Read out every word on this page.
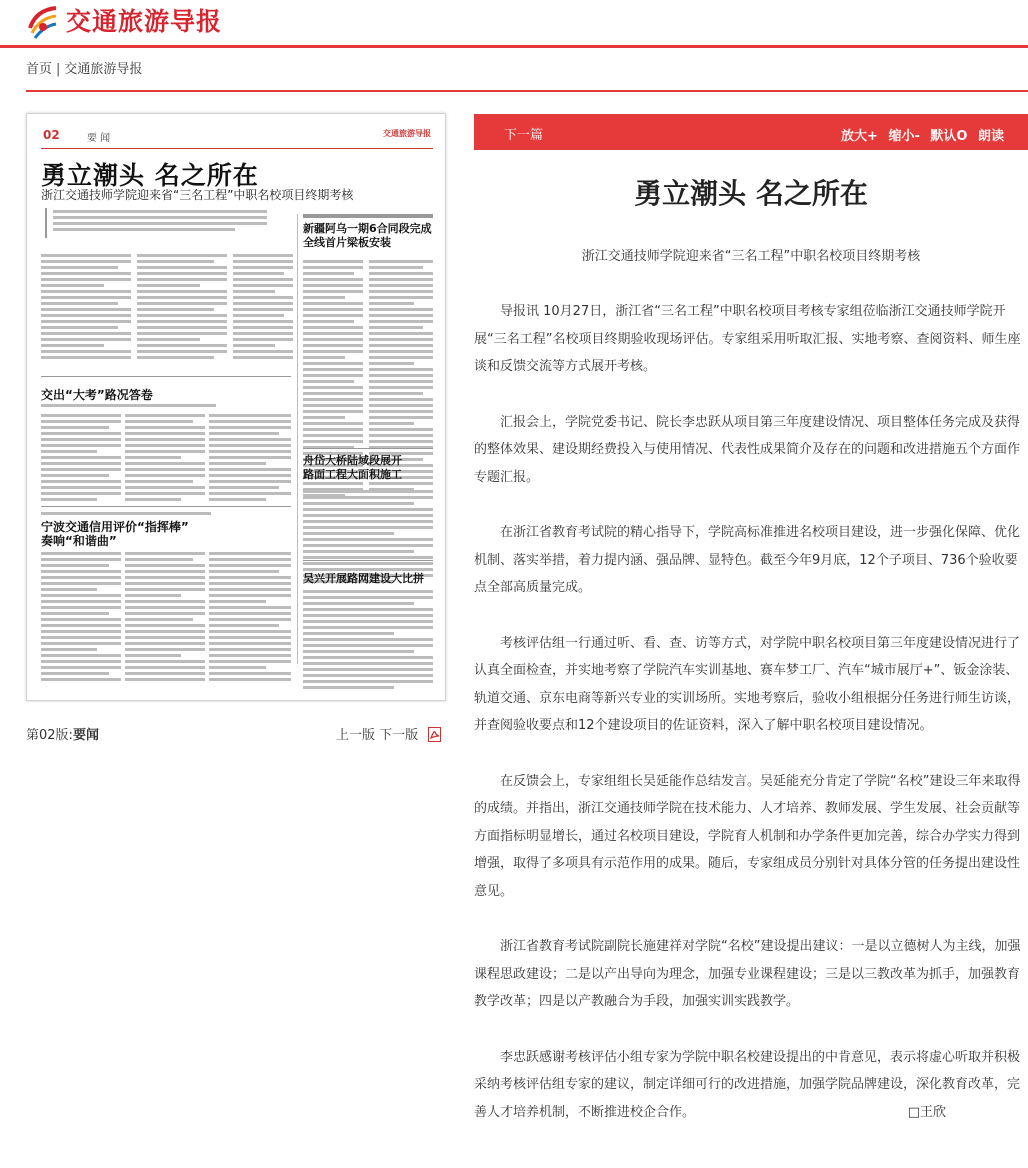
交通旅游导报
首页 | 交通旅游导报
02	要 闻	交通旅游导报
勇立潮头 名之所在
浙江交通技师学院迎来省“三名工程”中职名校项目终期考核
新疆阿乌一期6合同段完成全线首片梁板安装
舟岱大桥陆域段展开
路面工程大面积施工
吴兴开展路网建设大比拼
交出“大考”路况答卷
宁波交通信用评价“指挥棒”
奏响“和谐曲”
第02版:要闻	上一版 下一版
下一篇	放大+ 缩小- 默认O 朗读
勇立潮头 名之所在
浙江交通技师学院迎来省“三名工程”中职名校项目终期考核

导报讯 10月27日，浙江省“三名工程”中职名校项目考核专家组莅临浙江交通技师学院开展“三名工程”名校项目终期验收现场评估。专家组采用听取汇报、实地考察、查阅资料、师生座谈和反馈交流等方式展开考核。

汇报会上，学院党委书记、院长李忠跃从项目第三年度建设情况、项目整体任务完成及获得的整体效果、建设期经费投入与使用情况、代表性成果简介及存在的问题和改进措施五个方面作专题汇报。

在浙江省教育考试院的精心指导下，学院高标准推进名校项目建设，进一步强化保障、优化机制、落实举措，着力提内涵、强品牌、显特色。截至今年9月底，12个子项目、736个验收要点全部高质量完成。

考核评估组一行通过听、看、查、访等方式，对学院中职名校项目第三年度建设情况进行了认真全面检查，并实地考察了学院汽车实训基地、赛车梦工厂、汽车“城市展厅+”、钣金涂装、轨道交通、京东电商等新兴专业的实训场所。实地考察后，验收小组根据分任务进行师生访谈，并查阅验收要点和12个建设项目的佐证资料，深入了解中职名校项目建设情况。

在反馈会上，专家组组长吴延能作总结发言。吴延能充分肯定了学院“名校”建设三年来取得的成绩。并指出，浙江交通技师学院在技术能力、人才培养、教师发展、学生发展、社会贡献等方面指标明显增长，通过名校项目建设，学院育人机制和办学条件更加完善，综合办学实力得到增强，取得了多项具有示范作用的成果。随后，专家组成员分别针对具体分管的任务提出建设性意见。

浙江省教育考试院副院长施建祥对学院“名校”建设提出建议：一是以立德树人为主线，加强课程思政建设；二是以产出导向为理念，加强专业课程建设；三是以三教改革为抓手，加强教育教学改革；四是以产教融合为手段，加强实训实践教学。

李忠跃感谢考核评估小组专家为学院中职名校建设提出的中肯意见，表示将虚心听取并积极采纳考核评估组专家的建议，制定详细可行的改进措施，加强学院品牌建设，深化教育改革，完善人才培养机制，不断推进校企合作。	□王欣
